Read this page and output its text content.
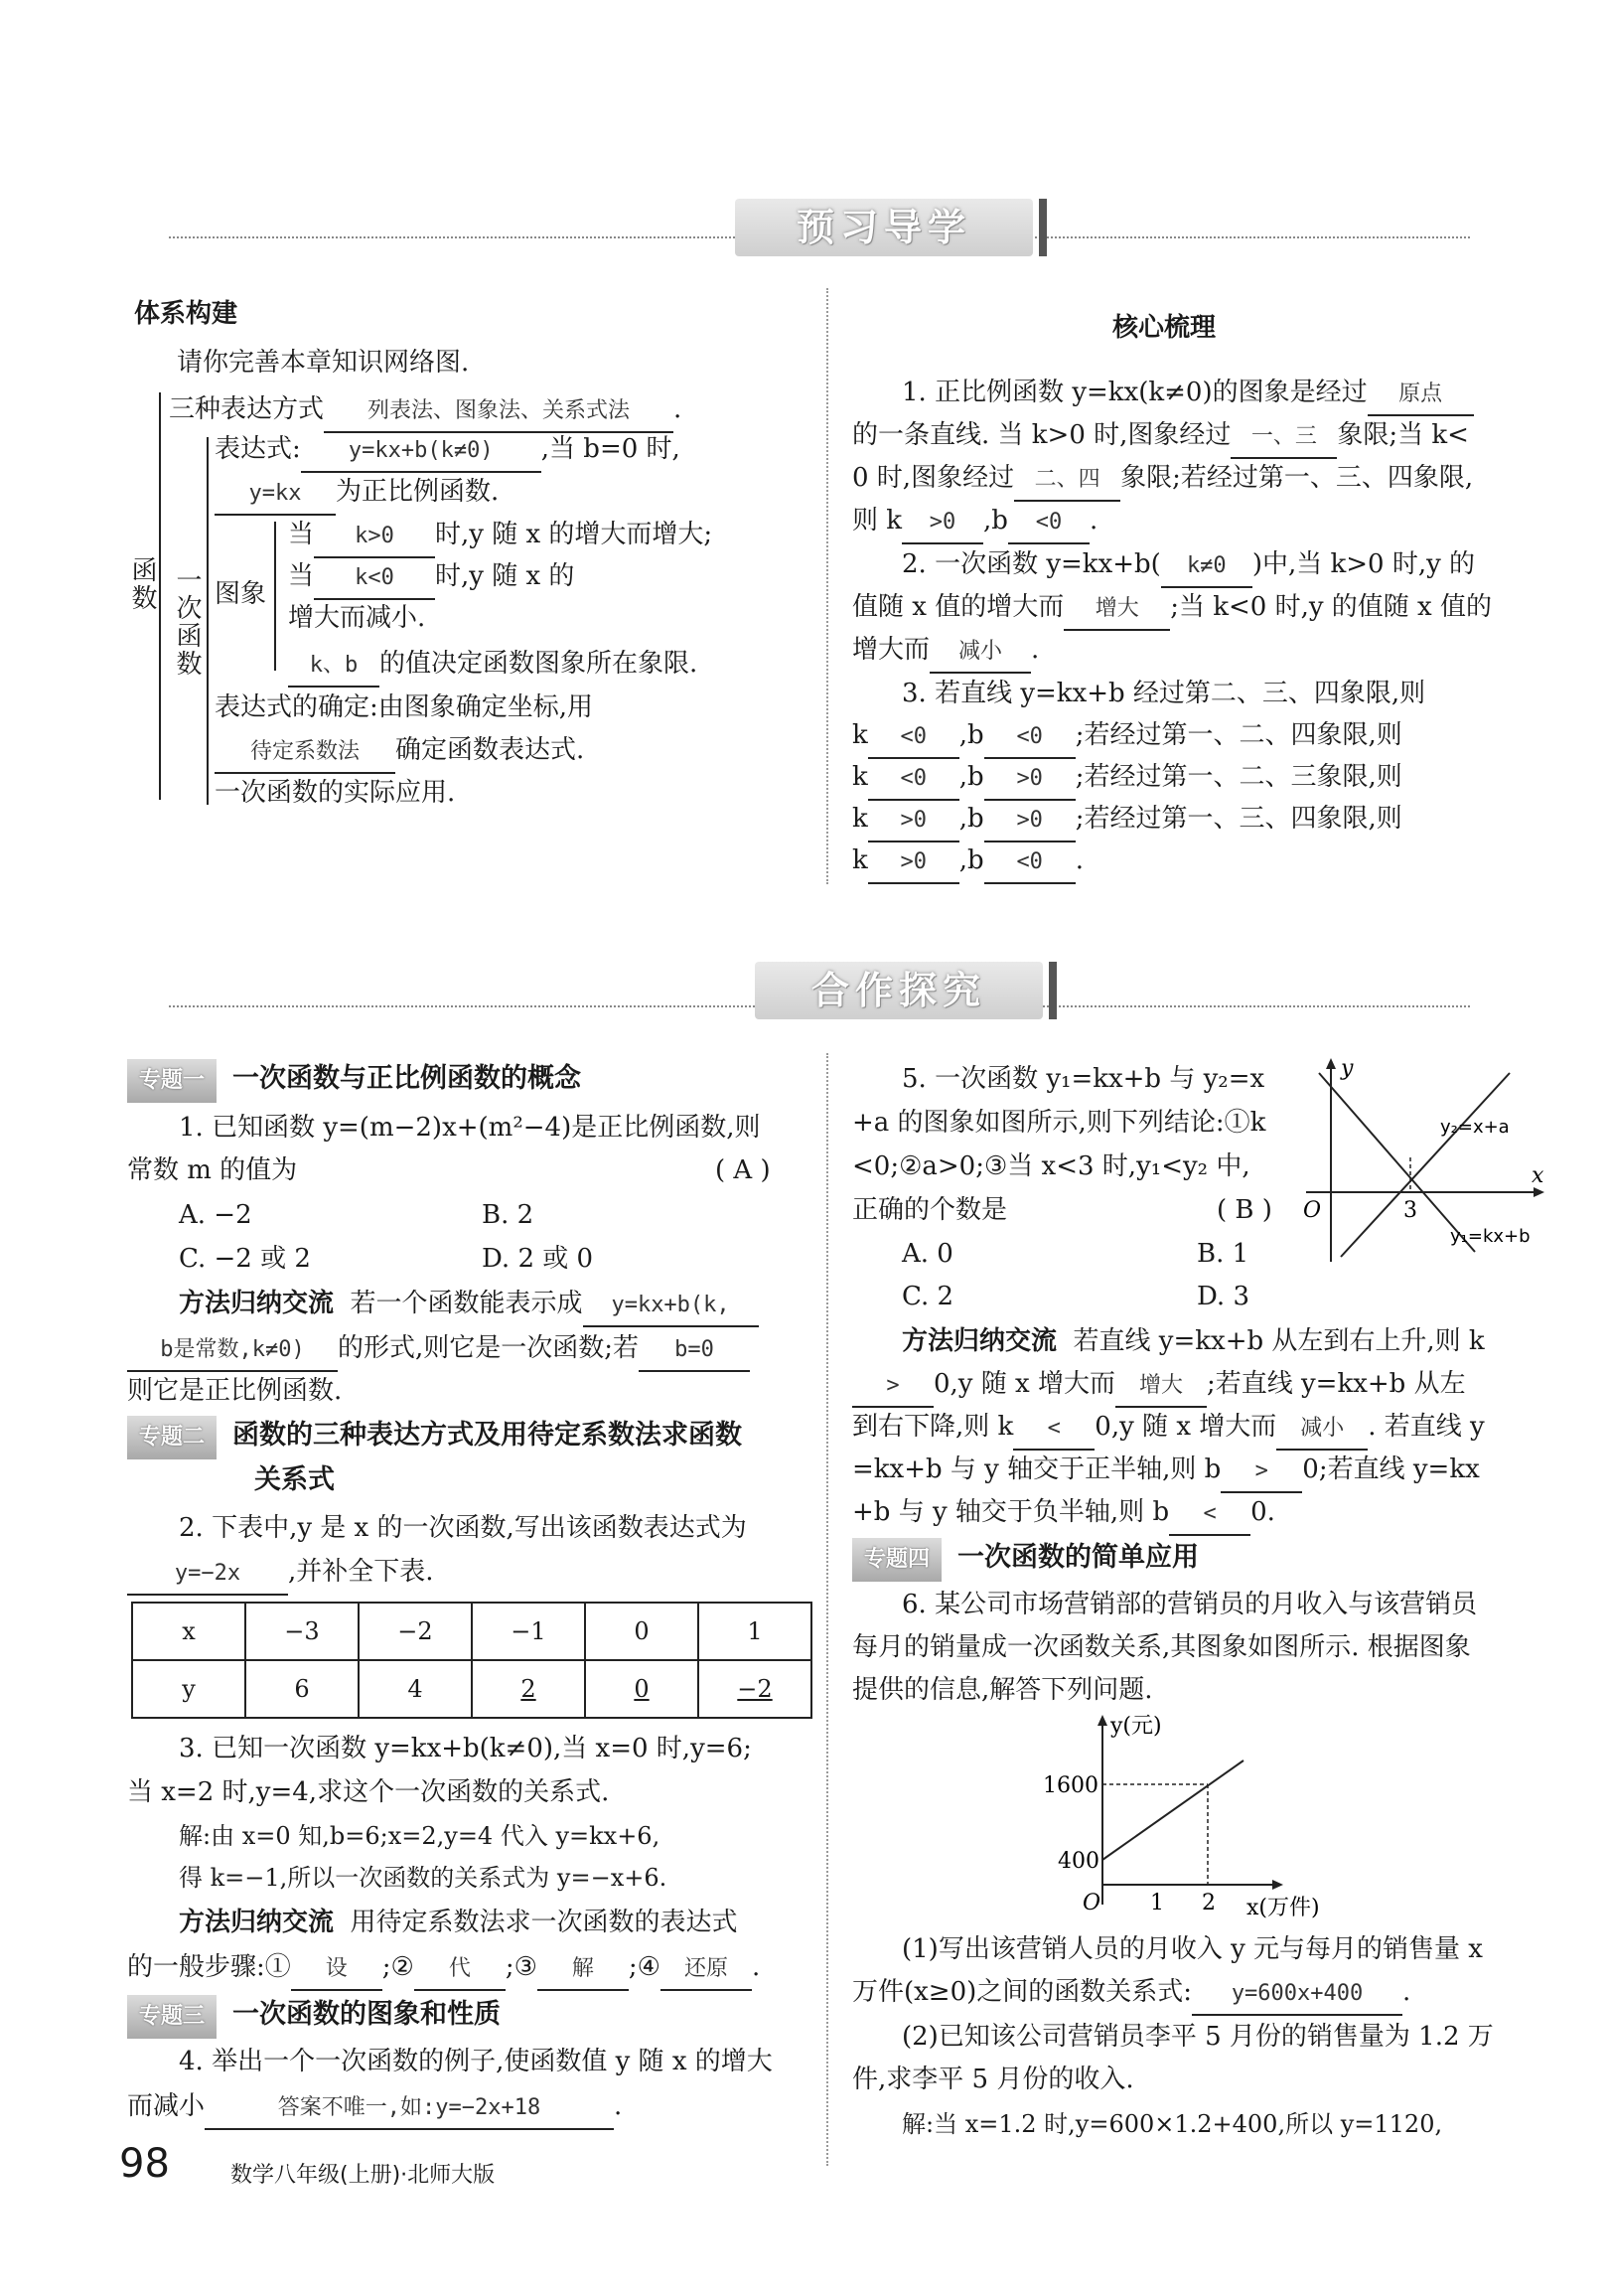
预习导学
体系构建
请你完善本章知识网络图.
函数 一次函数
三种表达方式 列表法、图象法、关系式法 .
表达式: y=kx+b(k≠0) ,当 b=0 时,
y=kx 为正比例函数.
图象
当 k>0 时,y 随 x 的增大而增大;
当 k<0 时,y 随 x 的
增大而减小.
k、b 的值决定函数图象所在象限.
表达式的确定:由图象确定坐标,用
待定系数法 确定函数表达式.
一次函数的实际应用.
核心梳理
1. 正比例函数 y=kx(k≠0)的图象是经过 原点
的一条直线. 当 k>0 时,图象经过 一、三 象限;当 k<
0 时,图象经过 二、四 象限;若经过第一、三、四象限,
则 k >0 ,b <0 .
2. 一次函数 y=kx+b( k≠0 )中,当 k>0 时,y 的
值随 x 值的增大而 增大 ;当 k<0 时,y 的值随 x 值的
增大而 减小 .
3. 若直线 y=kx+b 经过第二、三、四象限,则
k <0 ,b <0 ;若经过第一、二、四象限,则
k <0 ,b >0 ;若经过第一、二、三象限,则
k >0 ,b >0 ;若经过第一、三、四象限,则
k >0 ,b <0 .
合作探究
专题一 一次函数与正比例函数的概念
1. 已知函数 y=(m−2)x+(m²−4)是正比例函数,则
常数 m 的值为	( A )
A. −2	B. 2
C. −2 或 2	D. 2 或 0
方法归纳交流 若一个函数能表示成 y=kx+b(k,
b是常数,k≠0) 的形式,则它是一次函数;若 b=0
则它是正比例函数.
专题二 函数的三种表达方式及用待定系数法求函数
关系式
2. 下表中,y 是 x 的一次函数,写出该函数表达式为
y=−2x ,并补全下表.
x	−3	−2	−1	0	1
y	6	4	2	0	−2
3. 已知一次函数 y=kx+b(k≠0),当 x=0 时,y=6;
当 x=2 时,y=4,求这个一次函数的关系式.
解:由 x=0 知,b=6;x=2,y=4 代入 y=kx+6,
得 k=−1,所以一次函数的关系式为 y=−x+6.
方法归纳交流 用待定系数法求一次函数的表达式
的一般步骤:① 设 ;② 代 ;③ 解 ;④ 还原 .
专题三 一次函数的图象和性质
4. 举出一个一次函数的例子,使函数值 y 随 x 的增大
而减小	答案不唯一,如:y=−2x+18	.
5. 一次函数 y₁=kx+b 与 y₂=x
+a 的图象如图所示,则下列结论:①k
<0;②a>0;③当 x<3 时,y₁<y₂ 中,
正确的个数是	( B )
A. 0	B. 1
C. 2	D. 3
y
x
O	3
y₂=x+a
y₁=kx+b
方法归纳交流 若直线 y=kx+b 从左到右上升,则 k
> 0,y 随 x 增大而 增大 ;若直线 y=kx+b 从左
到右下降,则 k < 0,y 随 x 增大而 减小 . 若直线 y
=kx+b 与 y 轴交于正半轴,则 b > 0;若直线 y=kx
+b 与 y 轴交于负半轴,则 b < 0.
专题四 一次函数的简单应用
6. 某公司市场营销部的营销员的月收入与该营销员
每月的销量成一次函数关系,其图象如图所示. 根据图象
提供的信息,解答下列问题.
y(元)
x(万件)
O
1600
400
1 2
(1)写出该营销人员的月收入 y 元与每月的销售量 x
万件(x≥0)之间的函数关系式: y=600x+400 .
(2)已知该公司营销员李平 5 月份的销售量为 1.2 万
件,求李平 5 月份的收入.
解:当 x=1.2 时,y=600×1.2+400,所以 y=1120,
98	数学八年级(上册)·北师大版
